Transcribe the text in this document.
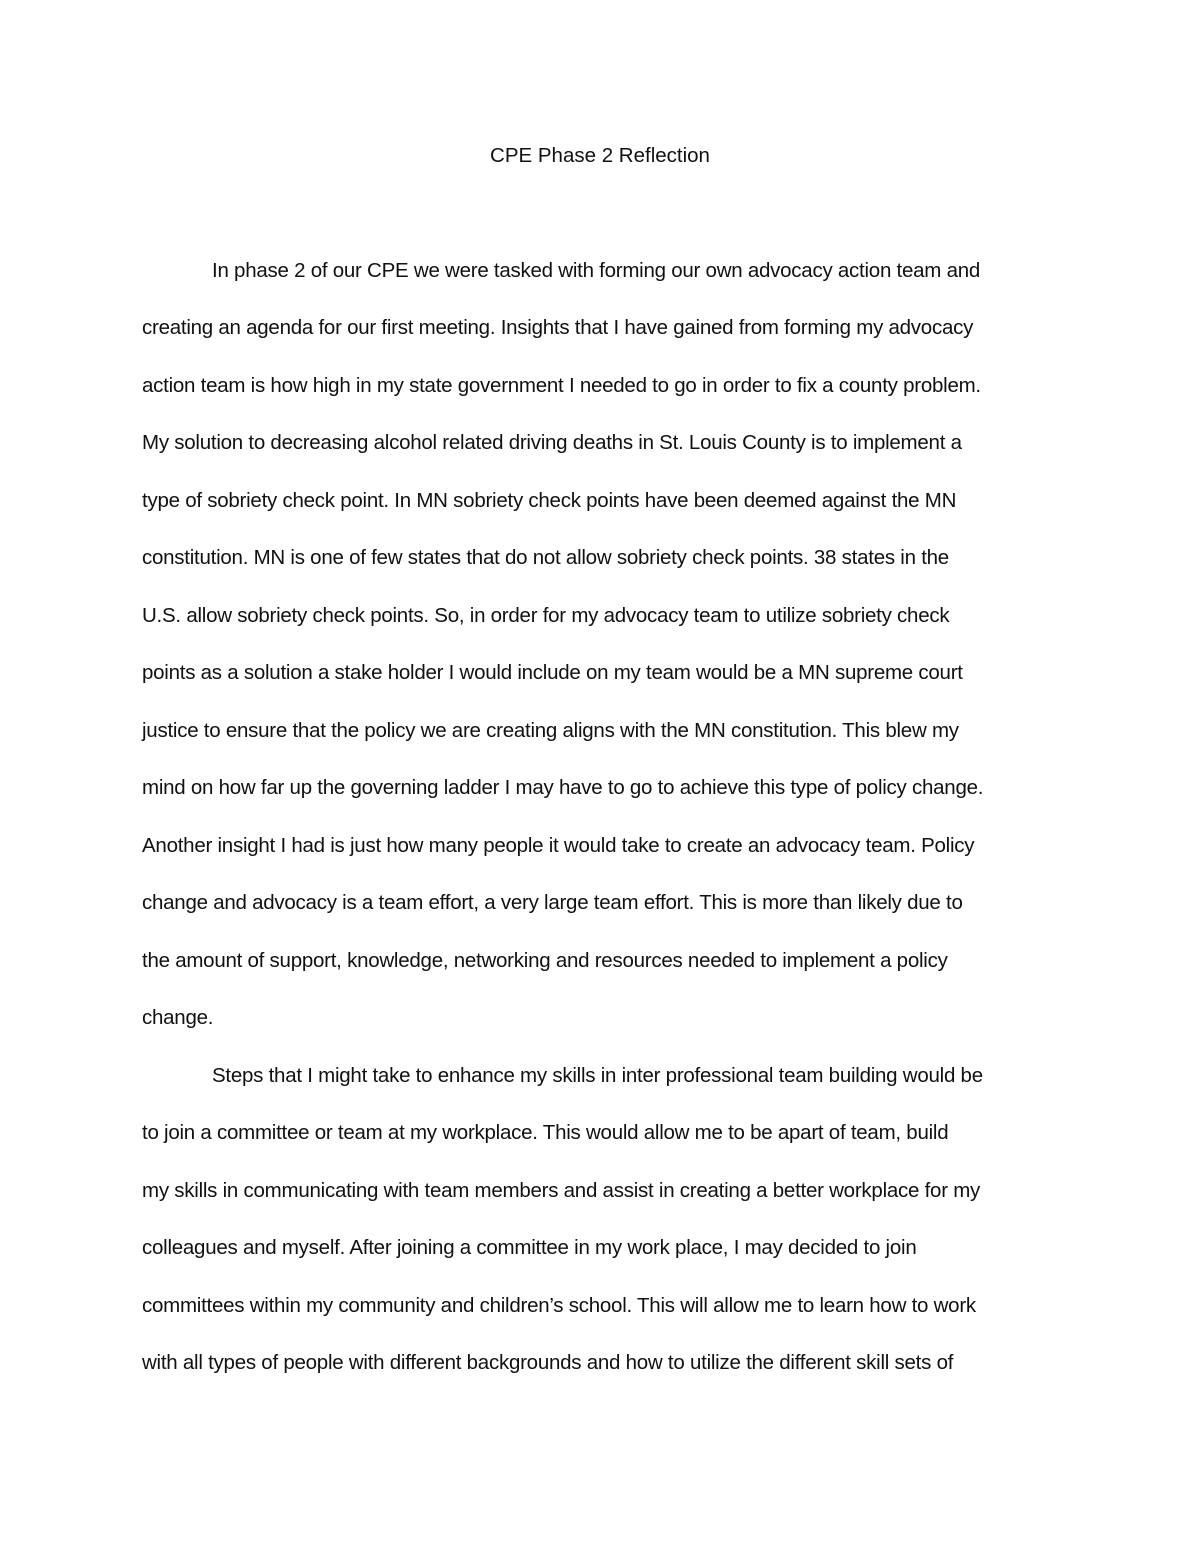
CPE Phase 2 Reflection
In phase 2 of our CPE we were tasked with forming our own advocacy action team and
creating an agenda for our first meeting. Insights that I have gained from forming my advocacy
action team is how high in my state government I needed to go in order to fix a county problem.
My solution to decreasing alcohol related driving deaths in St. Louis County is to implement a
type of sobriety check point. In MN sobriety check points have been deemed against the MN
constitution. MN is one of few states that do not allow sobriety check points. 38 states in the
U.S. allow sobriety check points. So, in order for my advocacy team to utilize sobriety check
points as a solution a stake holder I would include on my team would be a MN supreme court
justice to ensure that the policy we are creating aligns with the MN constitution. This blew my
mind on how far up the governing ladder I may have to go to achieve this type of policy change.
Another insight I had is just how many people it would take to create an advocacy team. Policy
change and advocacy is a team effort, a very large team effort. This is more than likely due to
the amount of support, knowledge, networking and resources needed to implement a policy
change.
Steps that I might take to enhance my skills in inter professional team building would be
to join a committee or team at my workplace. This would allow me to be apart of team, build
my skills in communicating with team members and assist in creating a better workplace for my
colleagues and myself. After joining a committee in my work place, I may decided to join
committees within my community and children’s school. This will allow me to learn how to work
with all types of people with different backgrounds and how to utilize the different skill sets of
